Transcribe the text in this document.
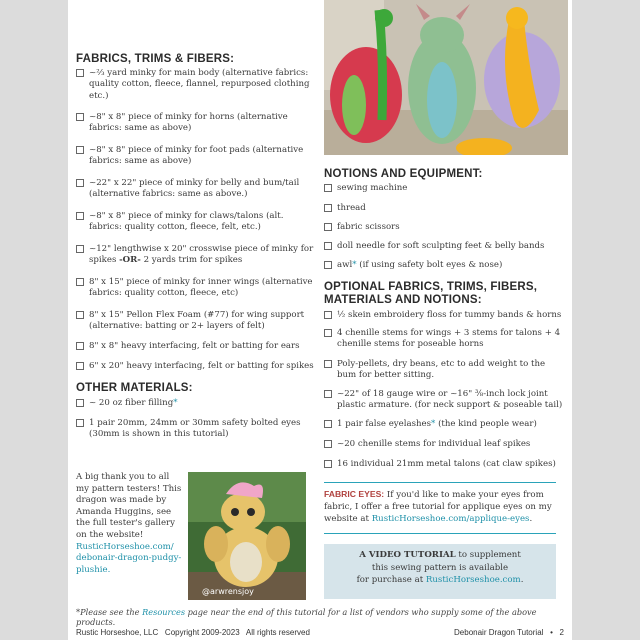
FABRICS, TRIMS & FIBERS:
~⅔ yard minky for main body (alternative fabrics: quality cotton, fleece, flannel, repurposed clothing etc.)
~8" x 8" piece of minky for horns (alternative fabrics: same as above)
~8" x 8" piece of minky for foot pads (alternative fabrics: same as above)
~22" x 22" piece of minky for belly and bum/tail (alternative fabrics: same as above.)
~8" x 8" piece of minky for claws/talons (alt. fabrics: quality cotton, fleece, felt, etc.)
~12" lengthwise x 20" crosswise piece of minky for spikes -OR- 2 yards trim for spikes
8" x 15" piece of minky for inner wings (alternative fabrics: quality cotton, fleece, etc)
8" x 15" Pellon Flex Foam (#77) for wing support (alternative: batting or 2+ layers of felt)
8" x 8" heavy interfacing, felt or batting for ears
6" x 20" heavy interfacing, felt or batting for spikes
OTHER MATERIALS:
~ 20 oz fiber filling*
1 pair 20mm, 24mm or 30mm safety bolted eyes (30mm is shown in this tutorial)
A big thank you to all my pattern testers! This dragon was made by Amanda Huggins, see the full tester's gallery on the website! RusticHorseshoe.com/ debonair-dragon-pudgy-plushie.
@arwrensjoy
NOTIONS AND EQUIPMENT:
sewing machine
thread
fabric scissors
doll needle for soft sculpting feet & belly bands
awl* (if using safety bolt eyes & nose)
OPTIONAL FABRICS, TRIMS, FIBERS,
MATERIALS AND NOTIONS:
½ skein embroidery floss for tummy bands & horns
4 chenille stems for wings + 3 stems for talons + 4 chenille stems for poseable horns
Poly-pellets, dry beans, etc to add weight to the bum for better sitting.
~22" of 18 gauge wire or ~16" ³⁄₈-inch lock joint plastic armature. (for neck support & poseable tail)
1 pair false eyelashes* (the kind people wear)
~20 chenille stems for individual leaf spikes
16 individual 21mm metal talons (cat claw spikes)
FABRIC EYES: If you'd like to make your eyes from fabric, I offer a free tutorial for applique eyes on my website at RusticHorseshoe.com/applique-eyes.
A VIDEO TUTORIAL to supplement
this sewing pattern is available
for purchase at RusticHorseshoe.com.
*Please see the Resources page near the end of this tutorial for a list of vendors who supply some of the above products.
Rustic Horseshoe, LLC   Copyright 2009-2023   All rights reserved	Debonair Dragon Tutorial   •   2
